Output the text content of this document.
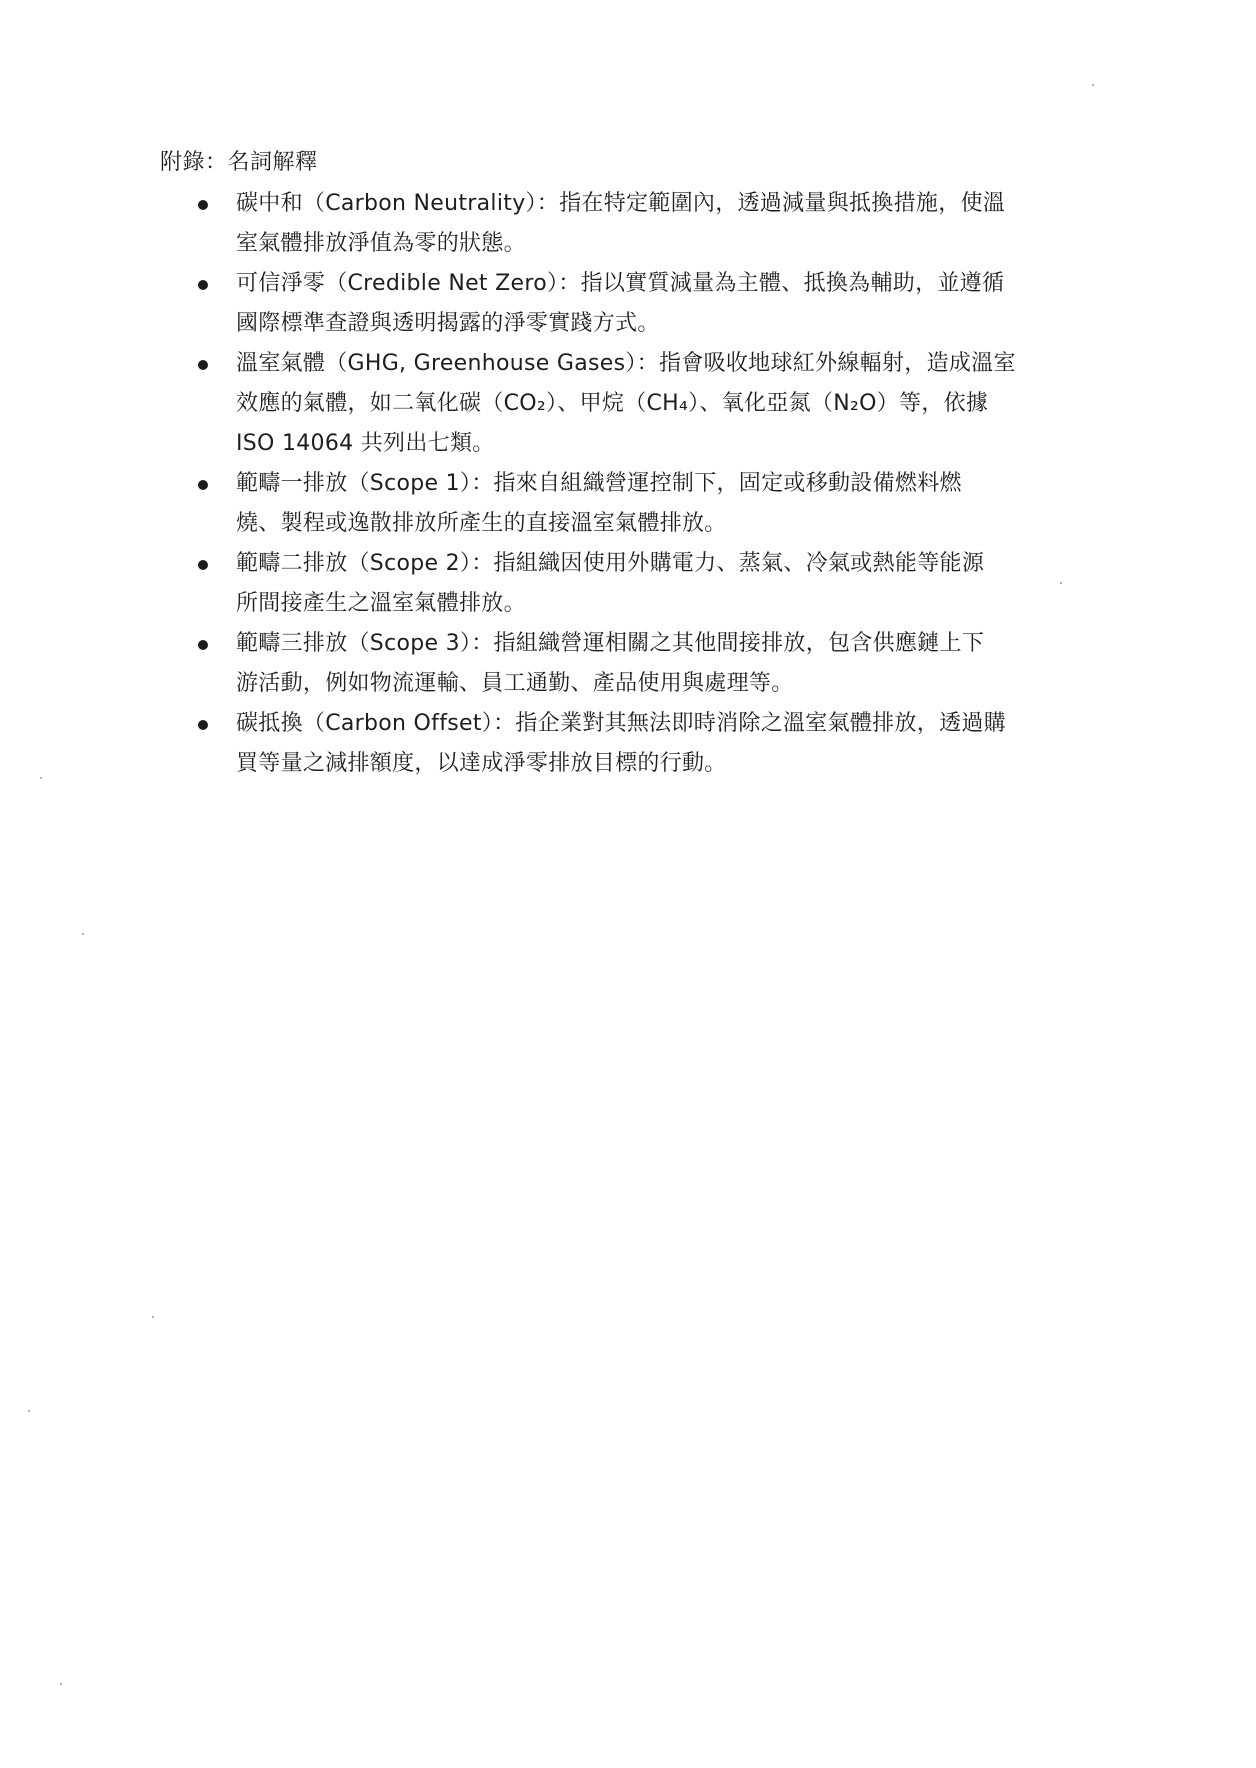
附錄：名詞解釋
碳中和（Carbon Neutrality）：指在特定範圍內，透過減量與抵換措施，使溫
室氣體排放淨值為零的狀態。
可信淨零（Credible Net Zero）：指以實質減量為主體、抵換為輔助，並遵循
國際標準查證與透明揭露的淨零實踐方式。
溫室氣體（GHG, Greenhouse Gases）：指會吸收地球紅外線輻射，造成溫室
效應的氣體，如二氧化碳（CO₂）、甲烷（CH₄）、氧化亞氮（N₂O）等，依據
ISO 14064 共列出七類。
範疇一排放（Scope 1）：指來自組織營運控制下，固定或移動設備燃料燃
燒、製程或逸散排放所產生的直接溫室氣體排放。
範疇二排放（Scope 2）：指組織因使用外購電力、蒸氣、冷氣或熱能等能源
所間接產生之溫室氣體排放。
範疇三排放（Scope 3）：指組織營運相關之其他間接排放，包含供應鏈上下
游活動，例如物流運輸、員工通勤、產品使用與處理等。
碳抵換（Carbon Offset）：指企業對其無法即時消除之溫室氣體排放，透過購
買等量之減排額度，以達成淨零排放目標的行動。
